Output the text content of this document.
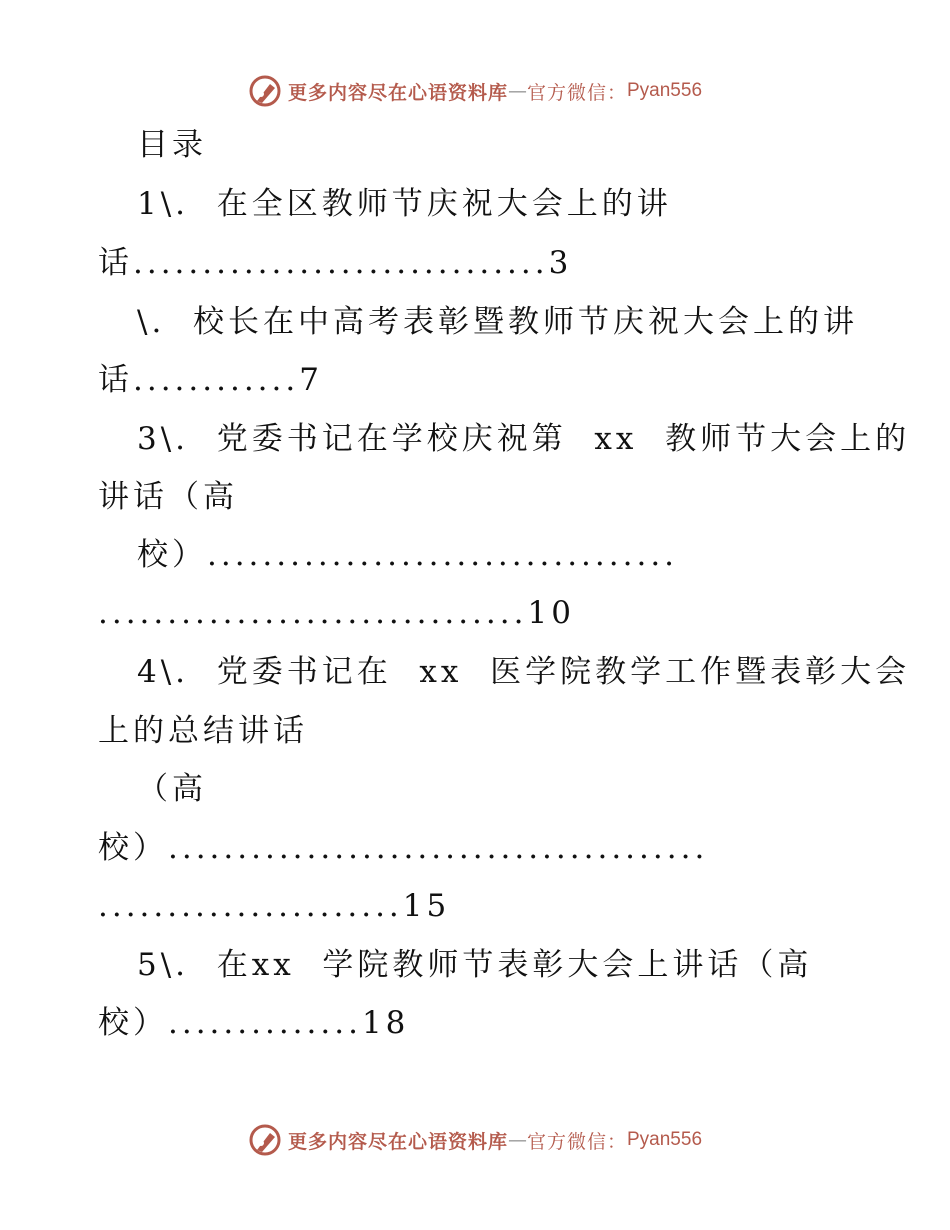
更多内容尽在心语资料库 — 官方微信： Pyan556
目录
1\.  在全区教师节庆祝大会上的讲
话..............................3
\.  校长在中高考表彰暨教师节庆祝大会上的讲
话............7
3\.  党委书记在学校庆祝第  xx  教师节大会上的
讲话（高
校）..................................
...............................10
4\.  党委书记在  xx  医学院教学工作暨表彰大会
上的总结讲话
（高
校）.......................................
......................15
5\.  在xx  学院教师节表彰大会上讲话（高
校）..............18
更多内容尽在心语资料库 — 官方微信： Pyan556
